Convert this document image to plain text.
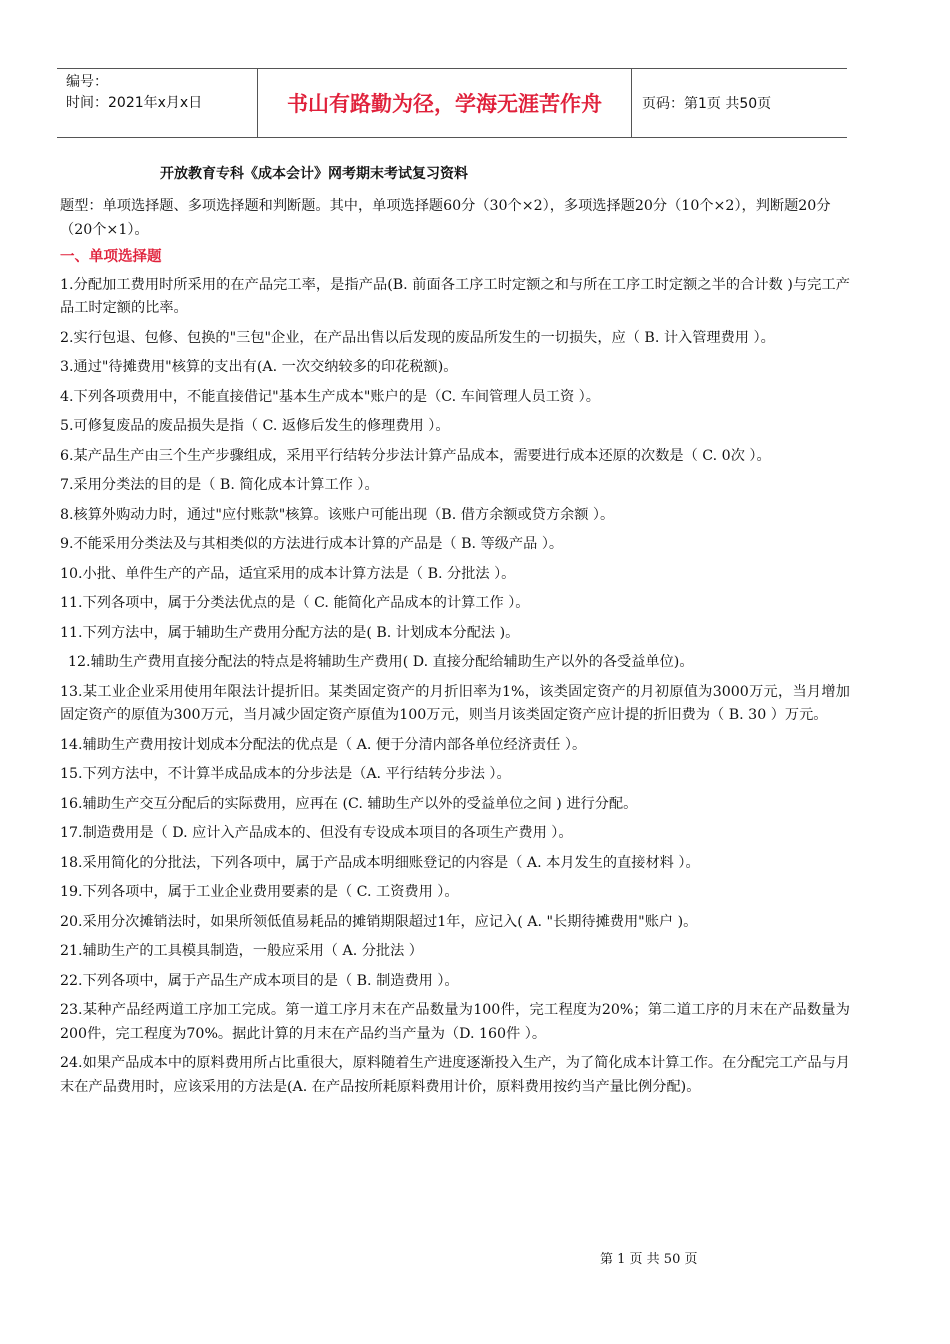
编号：
时间：2021年x月x日	书山有路勤为径，学海无涯苦作舟	页码：第1页 共50页
开放教育专科《成本会计》网考期末考试复习资料
题型：单项选择题、多项选择题和判断题。其中，单项选择题60分（30个×2），多项选择题20分（10个×2），判断题20分（20个×1）。
一、单项选择题
1.分配加工费用时所采用的在产品完工率，是指产品(B. 前面各工序工时定额之和与所在工序工时定额之半的合计数 )与完工产品工时定额的比率。
2.实行包退、包修、包换的"三包"企业，在产品出售以后发现的废品所发生的一切损失，应（ B. 计入管理费用 ）。
3.通过"待摊费用"核算的支出有(A. 一次交纳较多的印花税额)。
4.下列各项费用中，不能直接借记"基本生产成本"账户的是（C. 车间管理人员工资 ）。
5.可修复废品的废品损失是指（ C. 返修后发生的修理费用 ）。
6.某产品生产由三个生产步骤组成，采用平行结转分步法计算产品成本，需要进行成本还原的次数是（ C. 0次 ）。
7.采用分类法的目的是（ B. 简化成本计算工作 ）。
8.核算外购动力时，通过"应付账款"核算。该账户可能出现（B. 借方余额或贷方余额 ）。
9.不能采用分类法及与其相类似的方法进行成本计算的产品是（ B. 等级产品 ）。
10.小批、单件生产的产品，适宜采用的成本计算方法是（ B. 分批法 ）。
11.下列各项中，属于分类法优点的是（ C. 能简化产品成本的计算工作 ）。
11.下列方法中，属于辅助生产费用分配方法的是( B. 计划成本分配法 )。
12.辅助生产费用直接分配法的特点是将辅助生产费用( D. 直接分配给辅助生产以外的各受益单位)。
13.某工业企业采用使用年限法计提折旧。某类固定资产的月折旧率为1%，该类固定资产的月初原值为3000万元，当月增加固定资产的原值为300万元，当月减少固定资产原值为100万元，则当月该类固定资产应计提的折旧费为（ B. 30 ）万元。
14.辅助生产费用按计划成本分配法的优点是（ A. 便于分清内部各单位经济责任 ）。
15.下列方法中，不计算半成品成本的分步法是（A. 平行结转分步法 ）。
16.辅助生产交互分配后的实际费用，应再在 (C. 辅助生产以外的受益单位之间 ) 进行分配。
17.制造费用是（ D. 应计入产品成本的、但没有专设成本项目的各项生产费用 ）。
18.采用简化的分批法，下列各项中，属于产品成本明细账登记的内容是（ A. 本月发生的直接材料 ）。
19.下列各项中，属于工业企业费用要素的是（ C. 工资费用 ）。
20.采用分次摊销法时，如果所领低值易耗品的摊销期限超过1年，应记入( A. "长期待摊费用"账户 )。
21.辅助生产的工具模具制造，一般应采用（ A. 分批法 ）
22.下列各项中，属于产品生产成本项目的是（ B. 制造费用 ）。
23.某种产品经两道工序加工完成。第一道工序月末在产品数量为100件，完工程度为20%；第二道工序的月末在产品数量为200件，完工程度为70%。据此计算的月末在产品约当产量为（D. 160件 ）。
24.如果产品成本中的原料费用所占比重很大，原料随着生产进度逐渐投入生产，为了简化成本计算工作。在分配完工产品与月末在产品费用时，应该采用的方法是(A. 在产品按所耗原料费用计价，原料费用按约当产量比例分配)。
第 1 页 共 50 页
